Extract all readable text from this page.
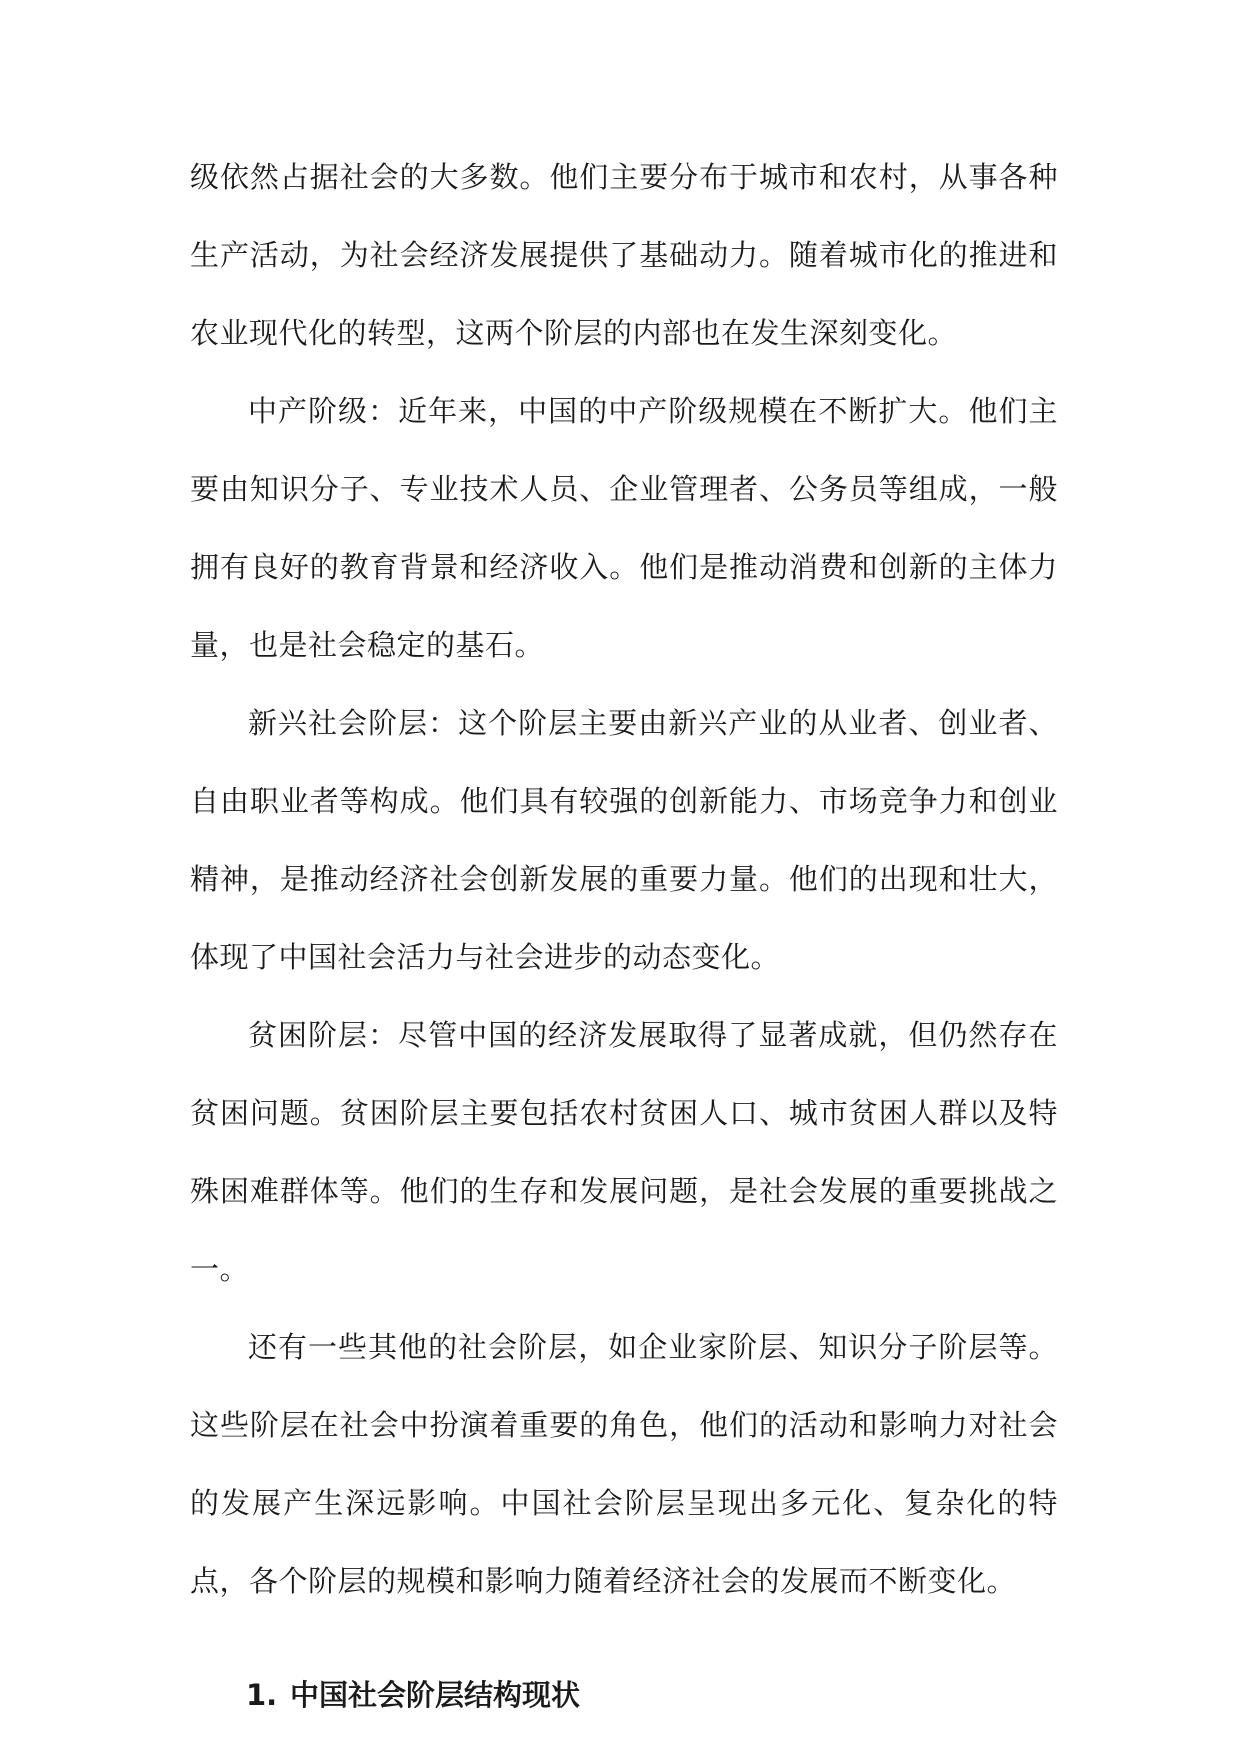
级依然占据社会的大多数。他们主要分布于城市和农村，从事各种生产活动，为社会经济发展提供了基础动力。随着城市化的推进和农业现代化的转型，这两个阶层的内部也在发生深刻变化。

中产阶级：近年来，中国的中产阶级规模在不断扩大。他们主要由知识分子、专业技术人员、企业管理者、公务员等组成，一般拥有良好的教育背景和经济收入。他们是推动消费和创新的主体力量，也是社会稳定的基石。

新兴社会阶层：这个阶层主要由新兴产业的从业者、创业者、自由职业者等构成。他们具有较强的创新能力、市场竞争力和创业精神，是推动经济社会创新发展的重要力量。他们的出现和壮大，体现了中国社会活力与社会进步的动态变化。

贫困阶层：尽管中国的经济发展取得了显著成就，但仍然存在贫困问题。贫困阶层主要包括农村贫困人口、城市贫困人群以及特殊困难群体等。他们的生存和发展问题，是社会发展的重要挑战之一。

还有一些其他的社会阶层，如企业家阶层、知识分子阶层等。这些阶层在社会中扮演着重要的角色，他们的活动和影响力对社会的发展产生深远影响。中国社会阶层呈现出多元化、复杂化的特点，各个阶层的规模和影响力随着经济社会的发展而不断变化。

1. 中国社会阶层结构现状
